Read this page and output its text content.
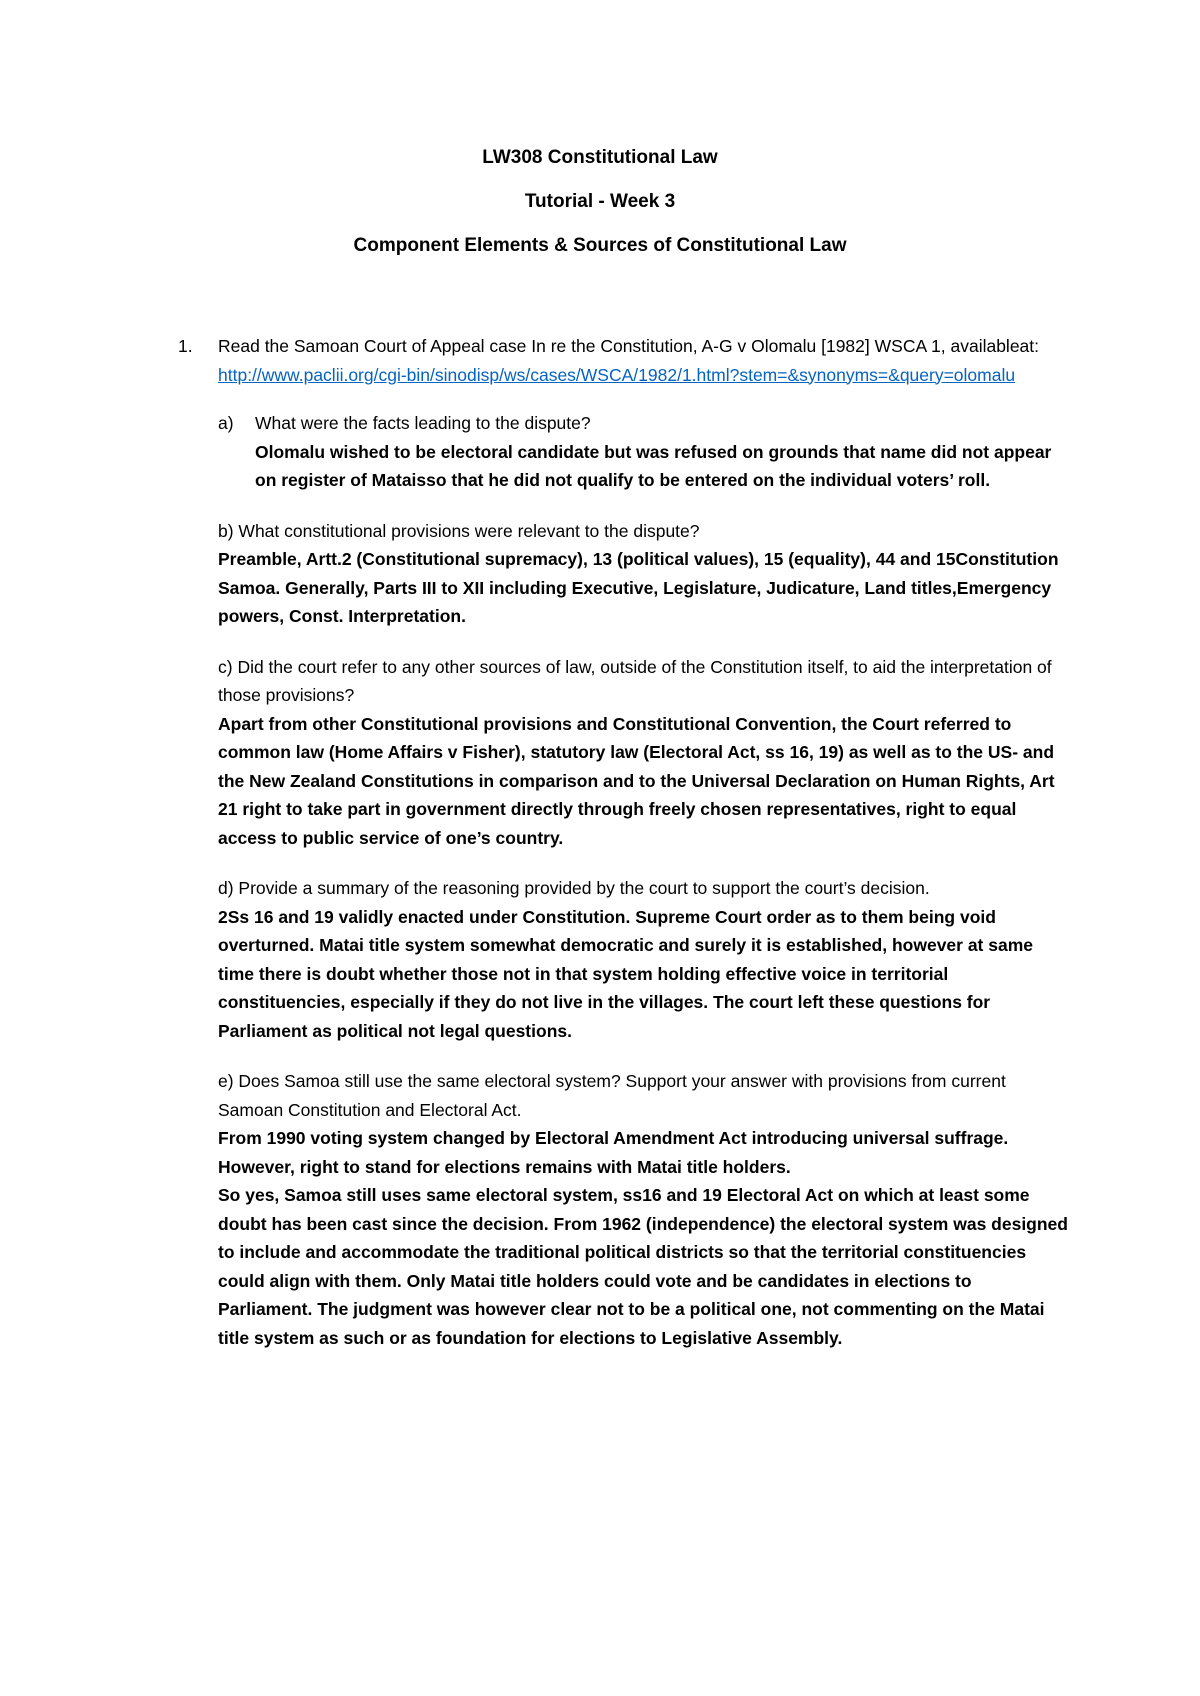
LW308 Constitutional Law
Tutorial - Week 3
Component Elements & Sources of Constitutional Law
1. Read the Samoan Court of Appeal case In re the Constitution, A-G v Olomalu [1982] WSCA 1, availableat: http://www.paclii.org/cgi-bin/sinodisp/ws/cases/WSCA/1982/1.html?stem=&synonyms=&query=olomalu
a) What were the facts leading to the dispute?
Olomalu wished to be electoral candidate but was refused on grounds that name did not appear on register of Mataisso that he did not qualify to be entered on the individual voters’ roll.
b) What constitutional provisions were relevant to the dispute?
Preamble, Artt.2 (Constitutional supremacy), 13 (political values), 15 (equality), 44 and 15Constitution Samoa. Generally, Parts III to XII including Executive, Legislature, Judicature, Land titles,Emergency powers, Const. Interpretation.
c) Did the court refer to any other sources of law, outside of the Constitution itself, to aid the interpretation of those provisions?
Apart from other Constitutional provisions and Constitutional Convention, the Court referred to common law (Home Affairs v Fisher), statutory law (Electoral Act, ss 16, 19) as well as to the US- and the New Zealand Constitutions in comparison and to the Universal Declaration on Human Rights, Art 21 right to take part in government directly through freely chosen representatives, right to equal access to public service of one’s country.
d) Provide a summary of the reasoning provided by the court to support the court’s decision.
2Ss 16 and 19 validly enacted under Constitution. Supreme Court order as to them being void overturned. Matai title system somewhat democratic and surely it is established, however at same time there is doubt whether those not in that system holding effective voice in territorial constituencies, especially if they do not live in the villages. The court left these questions for Parliament as political not legal questions.
e) Does Samoa still use the same electoral system? Support your answer with provisions from current Samoan Constitution and Electoral Act.
From 1990 voting system changed by Electoral Amendment Act introducing universal suffrage. However, right to stand for elections remains with Matai title holders.
So yes, Samoa still uses same electoral system, ss16 and 19 Electoral Act on which at least some doubt has been cast since the decision. From 1962 (independence) the electoral system was designed to include and accommodate the traditional political districts so that the territorial constituencies could align with them. Only Matai title holders could vote and be candidates in elections to Parliament. The judgment was however clear not to be a political one, not commenting on the Matai title system as such or as foundation for elections to Legislative Assembly.
